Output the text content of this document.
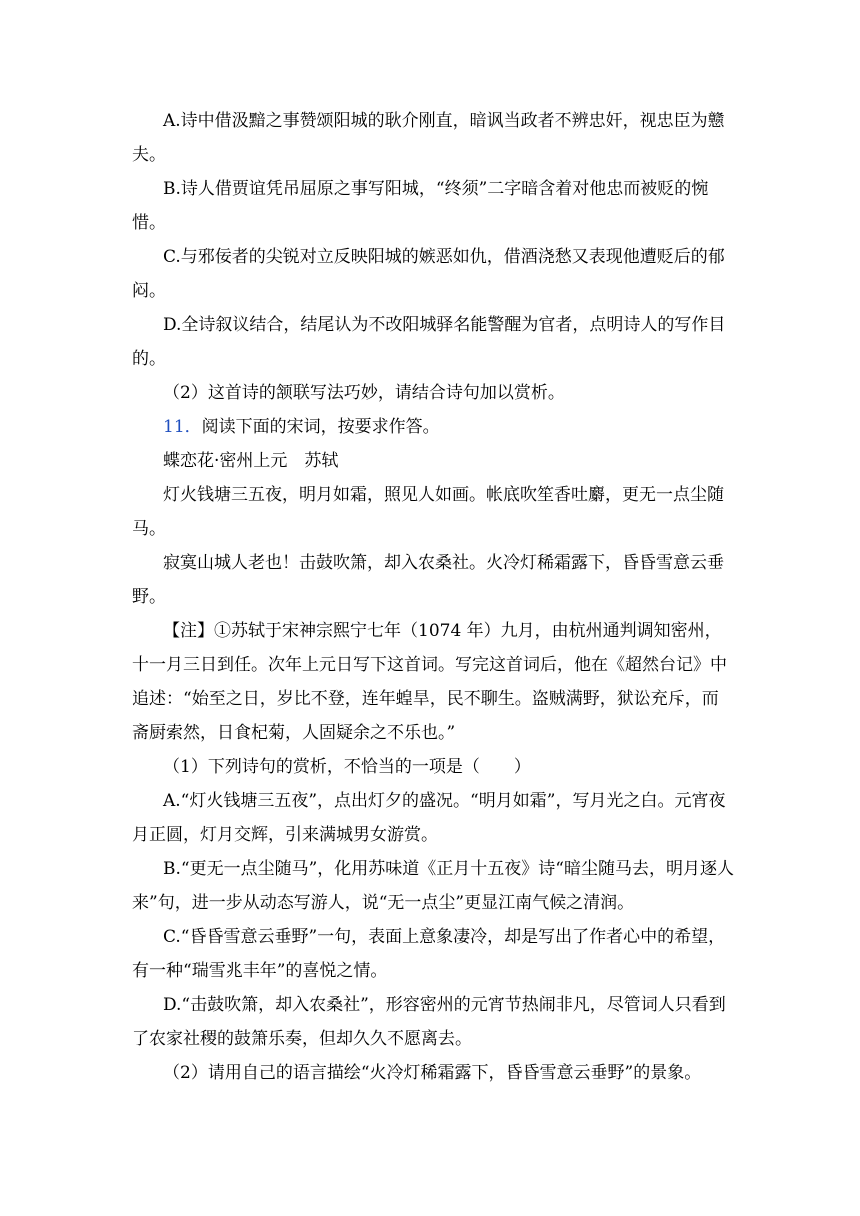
A.诗中借汲黯之事赞颂阳城的耿介刚直，暗讽当政者不辨忠奸，视忠臣为戆

夫。

B.诗人借贾谊凭吊屈原之事写阳城，“终须”二字暗含着对他忠而被贬的惋

惜。

C.与邪佞者的尖锐对立反映阳城的嫉恶如仇，借酒浇愁又表现他遭贬后的郁

闷。

D.全诗叙议结合，结尾认为不改阳城驿名能警醒为官者，点明诗人的写作目

的。

（2）这首诗的颔联写法巧妙，请结合诗句加以赏析。

11．阅读下面的宋词，按要求作答。

蝶恋花·密州上元　苏轼

灯火钱塘三五夜，明月如霜，照见人如画。帐底吹笙香吐麝，更无一点尘随

马。

寂寞山城人老也！击鼓吹箫，却入农桑社。火冷灯稀霜露下，昏昏雪意云垂

野。

【注】①苏轼于宋神宗熙宁七年（1074 年）九月，由杭州通判调知密州，

十一月三日到任。次年上元日写下这首词。写完这首词后，他在《超然台记》中

追述：“始至之日，岁比不登，连年蝗旱，民不聊生。盗贼满野，狱讼充斥，而

斋厨索然，日食杞菊，人固疑余之不乐也。”

（1）下列诗句的赏析，不恰当的一项是（　　）

A.“灯火钱塘三五夜”，点出灯夕的盛况。“明月如霜”，写月光之白。元宵夜

月正圆，灯月交辉，引来满城男女游赏。

B.“更无一点尘随马”，化用苏味道《正月十五夜》诗“暗尘随马去，明月逐人

来”句，进一步从动态写游人，说“无一点尘”更显江南气候之清润。

C.“昏昏雪意云垂野”一句，表面上意象凄冷，却是写出了作者心中的希望，

有一种“瑞雪兆丰年”的喜悦之情。

D.“击鼓吹箫，却入农桑社”，形容密州的元宵节热闹非凡，尽管词人只看到

了农家社稷的鼓箫乐奏，但却久久不愿离去。

（2）请用自己的语言描绘“火冷灯稀霜露下，昏昏雪意云垂野”的景象。
